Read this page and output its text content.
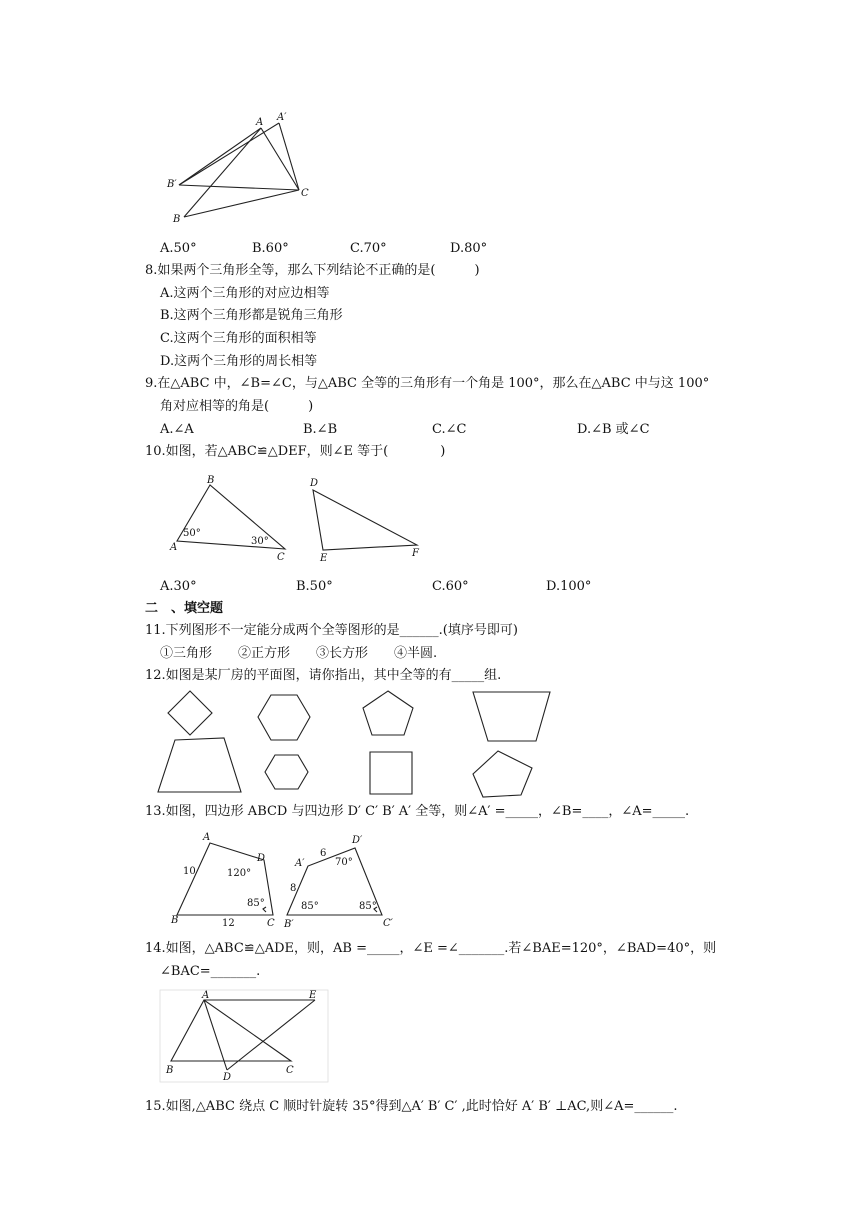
A A′
B′
B
C
A.50°	B.60°	C.70°	D.80°
8.如果两个三角形全等，那么下列结论不正确的是(　　　)
A.这两个三角形的对应边相等
B.这两个三角形都是锐角三角形
C.这两个三角形的面积相等
D.这两个三角形的周长相等
9.在△ABC 中，∠B=∠C，与△ABC 全等的三角形有一个角是 100°，那么在△ABC 中与这 100°
角对应相等的角是(　　　)
A.∠A	B.∠B	C.∠C	D.∠B 或∠C
10.如图，若△ABC≌△DEF，则∠E 等于(　　　　)
B
A
C
50°
30°
D
E	F
A.30°	B.50°	C.60°	D.100°
二　、填空题
11.下列图形不一定能分成两个全等图形的是______.(填序号即可)
①三角形　　②正方形　　③长方形　　④半圆.
12.如图是某厂房的平面图，请你指出，其中全等的有_____组.
13.如图，四边形 ABCD 与四边形 D′ C′ B′ A′ 全等，则∠A′ =_____，∠B=____，∠A=_____.
A
D
B	C
10
12
120°
85°
A′
D′
B′	C′
6
8
70°
85°	85°
14.如图，△ABC≌△ADE，则，AB =_____，∠E =∠_______.若∠BAE=120°，∠BAD=40°，则
∠BAC=_______.
A	E
B
D
C
15.如图,△ABC 绕点 C 顺时针旋转 35°得到△A′ B′ C′ ,此时恰好 A′ B′ ⊥AC,则∠A=______.
